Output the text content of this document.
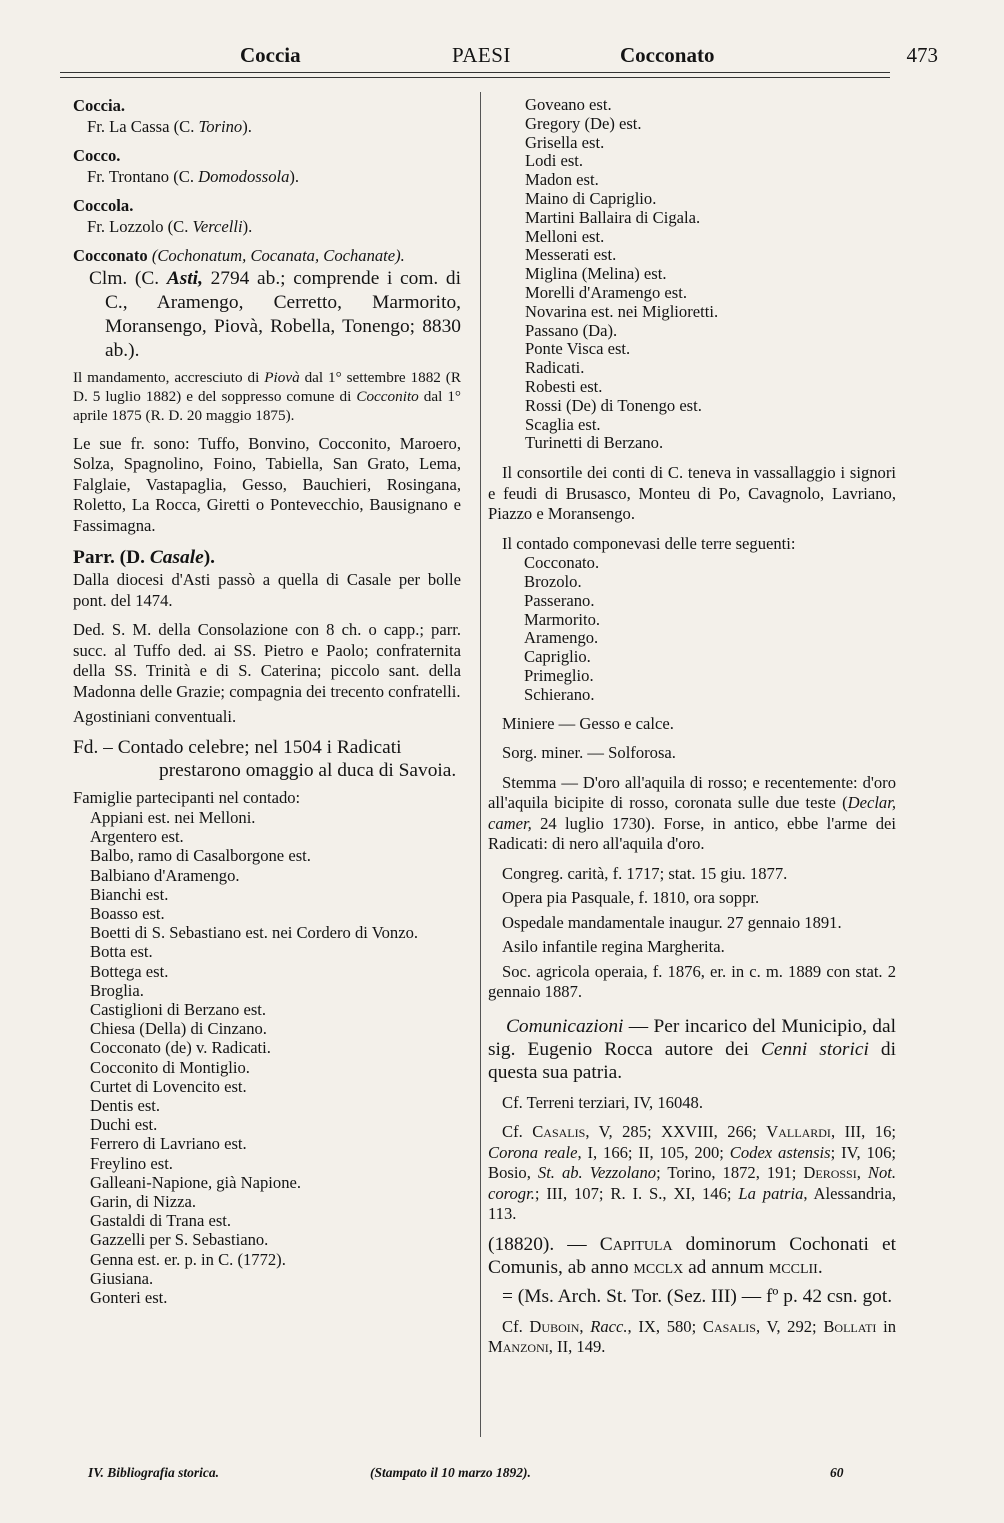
Coccia	PAESI	Cocconato	473

Coccia.

Fr. La Cassa (C. Torino).

Cocco.

Fr. Trontano (C. Domodossola).

Coccola.

Fr. Lozzolo (C. Vercelli).

Cocconato (Cochonatum, Cocanata, Cochanate).

Clm. (C. Asti, 2794 ab.; comprende i com. di C., Aramengo, Cerretto, Marmorito, Moransengo, Piovà, Robella, Tonengo; 8830 ab.).

Il mandamento, accresciuto di Piovà dal 1° settembre 1882 (R D. 5 luglio 1882) e del soppresso comune di Cocconito dal 1° aprile 1875 (R. D. 20 maggio 1875).

Le sue fr. sono: Tuffo, Bonvino, Cocconito, Maroero, Solza, Spagnolino, Foino, Tabiella, San Grato, Lema, Falglaie, Vastapaglia, Gesso, Bauchieri, Rosingana, Roletto, La Rocca, Giretti o Pontevecchio, Bausignano e Fassimagna.

Parr. (D. Casale).

Dalla diocesi d'Asti passò a quella di Casale per bolle pont. del 1474.

Ded. S. M. della Consolazione con 8 ch. o capp.; parr. succ. al Tuffo ded. ai SS. Pietro e Paolo; confraternita della SS. Trinità e di S. Caterina; piccolo sant. della Madonna delle Grazie; compagnia dei trecento confratelli.

Agostiniani conventuali.

Fd. – Contado celebre; nel 1504 i Radicati prestarono omaggio al duca di Savoia.

Famiglie partecipanti nel contado:

Appiani est. nei Melloni.
Argentero est.
Balbo, ramo di Casalborgone est.
Balbiano d'Aramengo.
Bianchi est.
Boasso est.
Boetti di S. Sebastiano est. nei Cordero di Vonzo.
Botta est.
Bottega est.
Broglia.
Castiglioni di Berzano est.
Chiesa (Della) di Cinzano.
Cocconato (de) v. Radicati.
Cocconito di Montiglio.
Curtet di Lovencito est.
Dentis est.
Duchi est.
Ferrero di Lavriano est.
Freylino est.
Galleani-Napione, già Napione.
Garin, di Nizza.
Gastaldi di Trana est.
Gazzelli per S. Sebastiano.
Genna est. er. p. in C. (1772).
Giusiana.
Gonteri est.
Goveano est.
Gregory (De) est.
Grisella est.
Lodi est.
Madon est.
Maino di Capriglio.
Martini Ballaira di Cigala.
Melloni est.
Messerati est.
Miglina (Melina) est.
Morelli d'Aramengo est.
Novarina est. nei Miglioretti.
Passano (Da).
Ponte Visca est.
Radicati.
Robesti est.
Rossi (De) di Tonengo est.
Scaglia est.
Turinetti di Berzano.

Il consortile dei conti di C. teneva in vassallaggio i signori e feudi di Brusasco, Monteu di Po, Cavagnolo, Lavriano, Piazzo e Moransengo.

Il contado componevasi delle terre seguenti:

Cocconato.
Brozolo.
Passerano.
Marmorito.
Aramengo.
Capriglio.
Primeglio.
Schierano.

Miniere — Gesso e calce.

Sorg. miner. — Solforosa.

Stemma — D'oro all'aquila di rosso; e recentemente: d'oro all'aquila bicipite di rosso, coronata sulle due teste (Declar, camer, 24 luglio 1730). Forse, in antico, ebbe l'arme dei Radicati: di nero all'aquila d'oro.

Congreg. carità, f. 1717; stat. 15 giu. 1877.

Opera pia Pasquale, f. 1810, ora soppr.

Ospedale mandamentale inaugur. 27 gennaio 1891.

Asilo infantile regina Margherita.

Soc. agricola operaia, f. 1876, er. in c. m. 1889 con stat. 2 gennaio 1887.

Comunicazioni — Per incarico del Municipio, dal sig. Eugenio Rocca autore dei Cenni storici di questa sua patria.

Cf. Terreni terziari, IV, 16048.

Cf. Casalis, V, 285; XXVIII, 266; Vallardi, III, 16; Corona reale, I, 166; II, 105, 200; Codex astensis; IV, 106; Bosio, St. ab. Vezzolano; Torino, 1872, 191; Derossi, Not. corogr.; III, 107; R. I. S., XI, 146; La patria, Alessandria, 113.

(18820). — Capitula dominorum Cochonati et Comunis, ab anno mcclx ad annum mcclii.

= (Ms. Arch. St. Tor. (Sez. III) — fº p. 42 csn. got.

Cf. Duboin, Racc., IX, 580; Casalis, V, 292; Bollati in Manzoni, II, 149.

IV. Bibliografia storica.	(Stampato il 10 marzo 1892).	60
